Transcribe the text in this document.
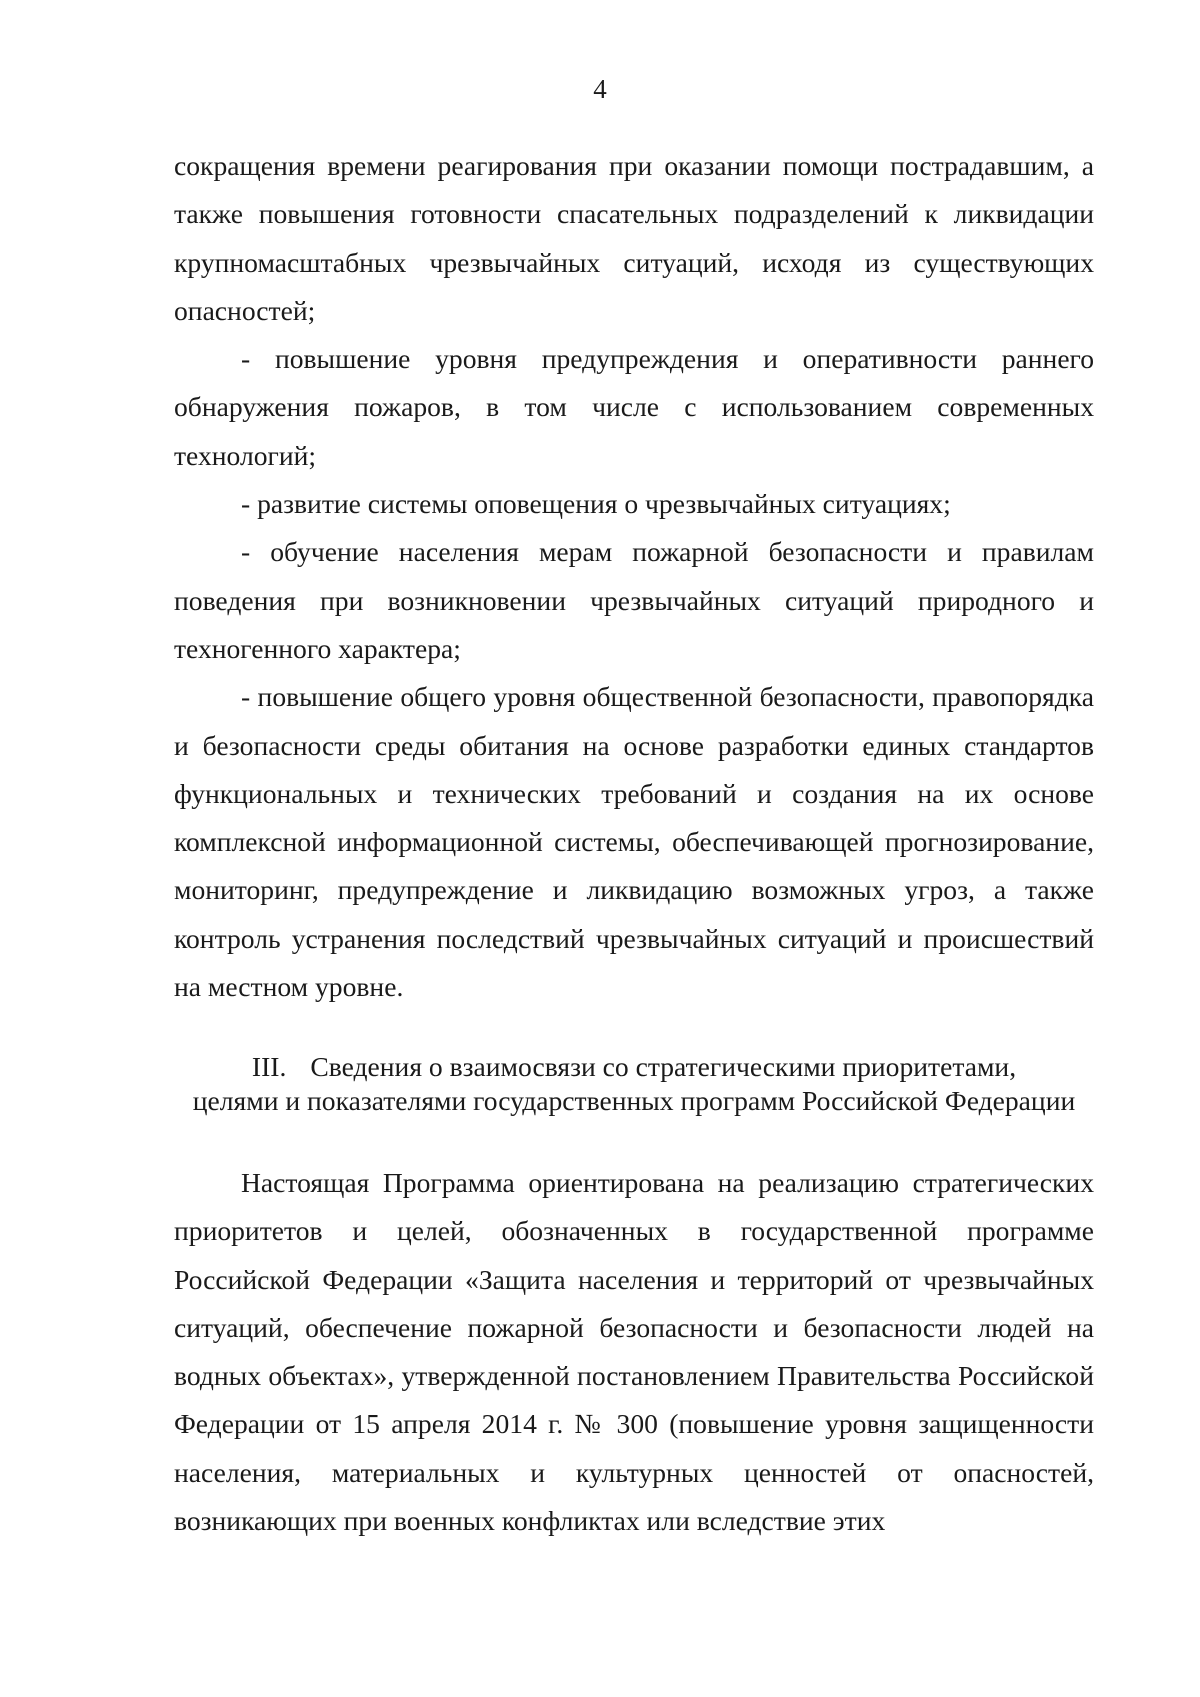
4

сокращения времени реагирования при оказании помощи пострадавшим, а также повышения готовности спасательных подразделений к ликвидации крупномасштабных чрезвычайных ситуаций, исходя из существующих опасностей;

- повышение уровня предупреждения и оперативности раннего обнаружения пожаров, в том числе с использованием современных технологий;

- развитие системы оповещения о чрезвычайных ситуациях;

- обучение населения мерам пожарной безопасности и правилам поведения при возникновении чрезвычайных ситуаций природного и техногенного характера;

- повышение общего уровня общественной безопасности, правопорядка и безопасности среды обитания на основе разработки единых стандартов функциональных и технических требований и создания на их основе комплексной информационной системы, обеспечивающей прогнозирование, мониторинг, предупреждение и ликвидацию возможных угроз, а также контроль устранения последствий чрезвычайных ситуаций и происшествий на местном уровне.

III. Сведения о взаимосвязи со стратегическими приоритетами,
целями и показателями государственных программ Российской Федерации

Настоящая Программа ориентирована на реализацию стратегических приоритетов и целей, обозначенных в государственной программе Российской Федерации «Защита населения и территорий от чрезвычайных ситуаций, обеспечение пожарной безопасности и безопасности людей на водных объектах», утвержденной постановлением Правительства Российской Федерации от 15 апреля 2014 г. № 300 (повышение уровня защищенности населения, материальных и культурных ценностей от опасностей, возникающих при военных конфликтах или вследствие этих
